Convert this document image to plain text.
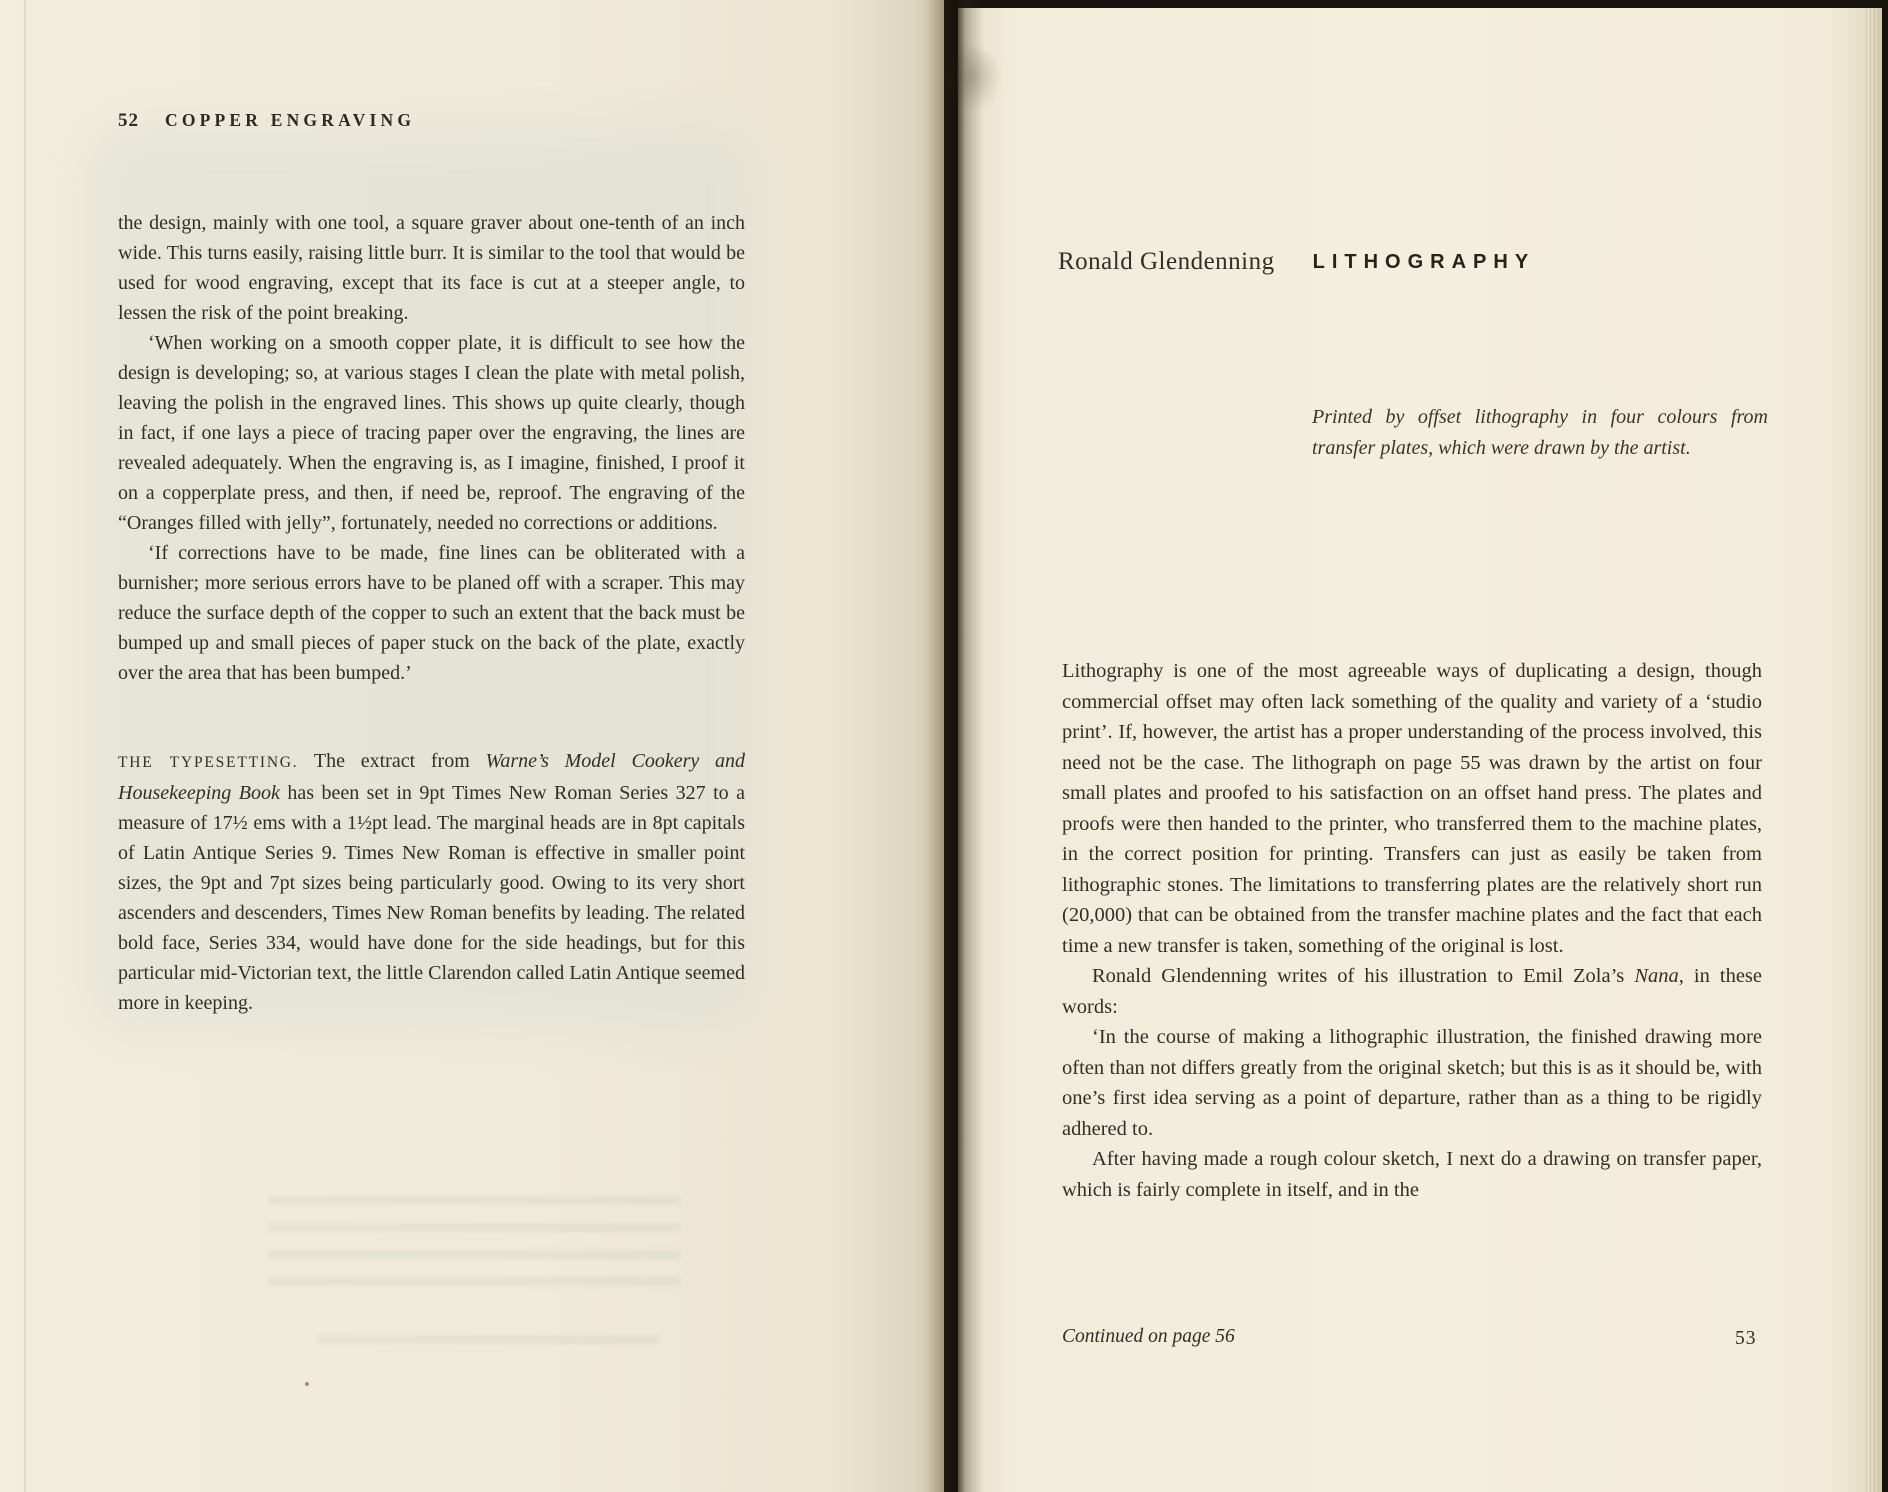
52 COPPER ENGRAVING

the design, mainly with one tool, a square graver about one-tenth of an inch wide. This turns easily, raising little burr. It is similar to the tool that would be used for wood engraving, except that its face is cut at a steeper angle, to lessen the risk of the point breaking.

‘When working on a smooth copper plate, it is difficult to see how the design is developing; so, at various stages I clean the plate with metal polish, leaving the polish in the engraved lines. This shows up quite clearly, though in fact, if one lays a piece of tracing paper over the engraving, the lines are revealed adequately. When the engraving is, as I imagine, finished, I proof it on a copperplate press, and then, if need be, reproof. The engraving of the “Oranges filled with jelly”, fortunately, needed no corrections or additions.

‘If corrections have to be made, fine lines can be obliterated with a burnisher; more serious errors have to be planed off with a scraper. This may reduce the surface depth of the copper to such an extent that the back must be bumped up and small pieces of paper stuck on the back of the plate, exactly over the area that has been bumped.’

THE TYPESETTING. The extract from Warne’s Model Cookery and Housekeeping Book has been set in 9pt Times New Roman Series 327 to a measure of 17½ ems with a 1½pt lead. The marginal heads are in 8pt capitals of Latin Antique Series 9. Times New Roman is effective in smaller point sizes, the 9pt and 7pt sizes being particularly good. Owing to its very short ascenders and descenders, Times New Roman benefits by leading. The related bold face, Series 334, would have done for the side headings, but for this particular mid-Victorian text, the little Clarendon called Latin Antique seemed more in keeping.

Ronald Glendenning LITHOGRAPHY
Printed by offset lithography in four colours from transfer plates, which were drawn by the artist.

Lithography is one of the most agreeable ways of duplicating a design, though commercial offset may often lack something of the quality and variety of a ‘studio print’. If, however, the artist has a proper understanding of the process involved, this need not be the case. The lithograph on page 55 was drawn by the artist on four small plates and proofed to his satisfaction on an offset hand press. The plates and proofs were then handed to the printer, who transferred them to the machine plates, in the correct position for printing. Transfers can just as easily be taken from lithographic stones. The limitations to transferring plates are the relatively short run (20,000) that can be obtained from the transfer machine plates and the fact that each time a new transfer is taken, something of the original is lost.

Ronald Glendenning writes of his illustration to Emil Zola’s Nana, in these words:

‘In the course of making a lithographic illustration, the finished drawing more often than not differs greatly from the original sketch; but this is as it should be, with one’s first idea serving as a point of departure, rather than as a thing to be rigidly adhered to.

After having made a rough colour sketch, I next do a drawing on transfer paper, which is fairly complete in itself, and in the

Continued on page 56	53
